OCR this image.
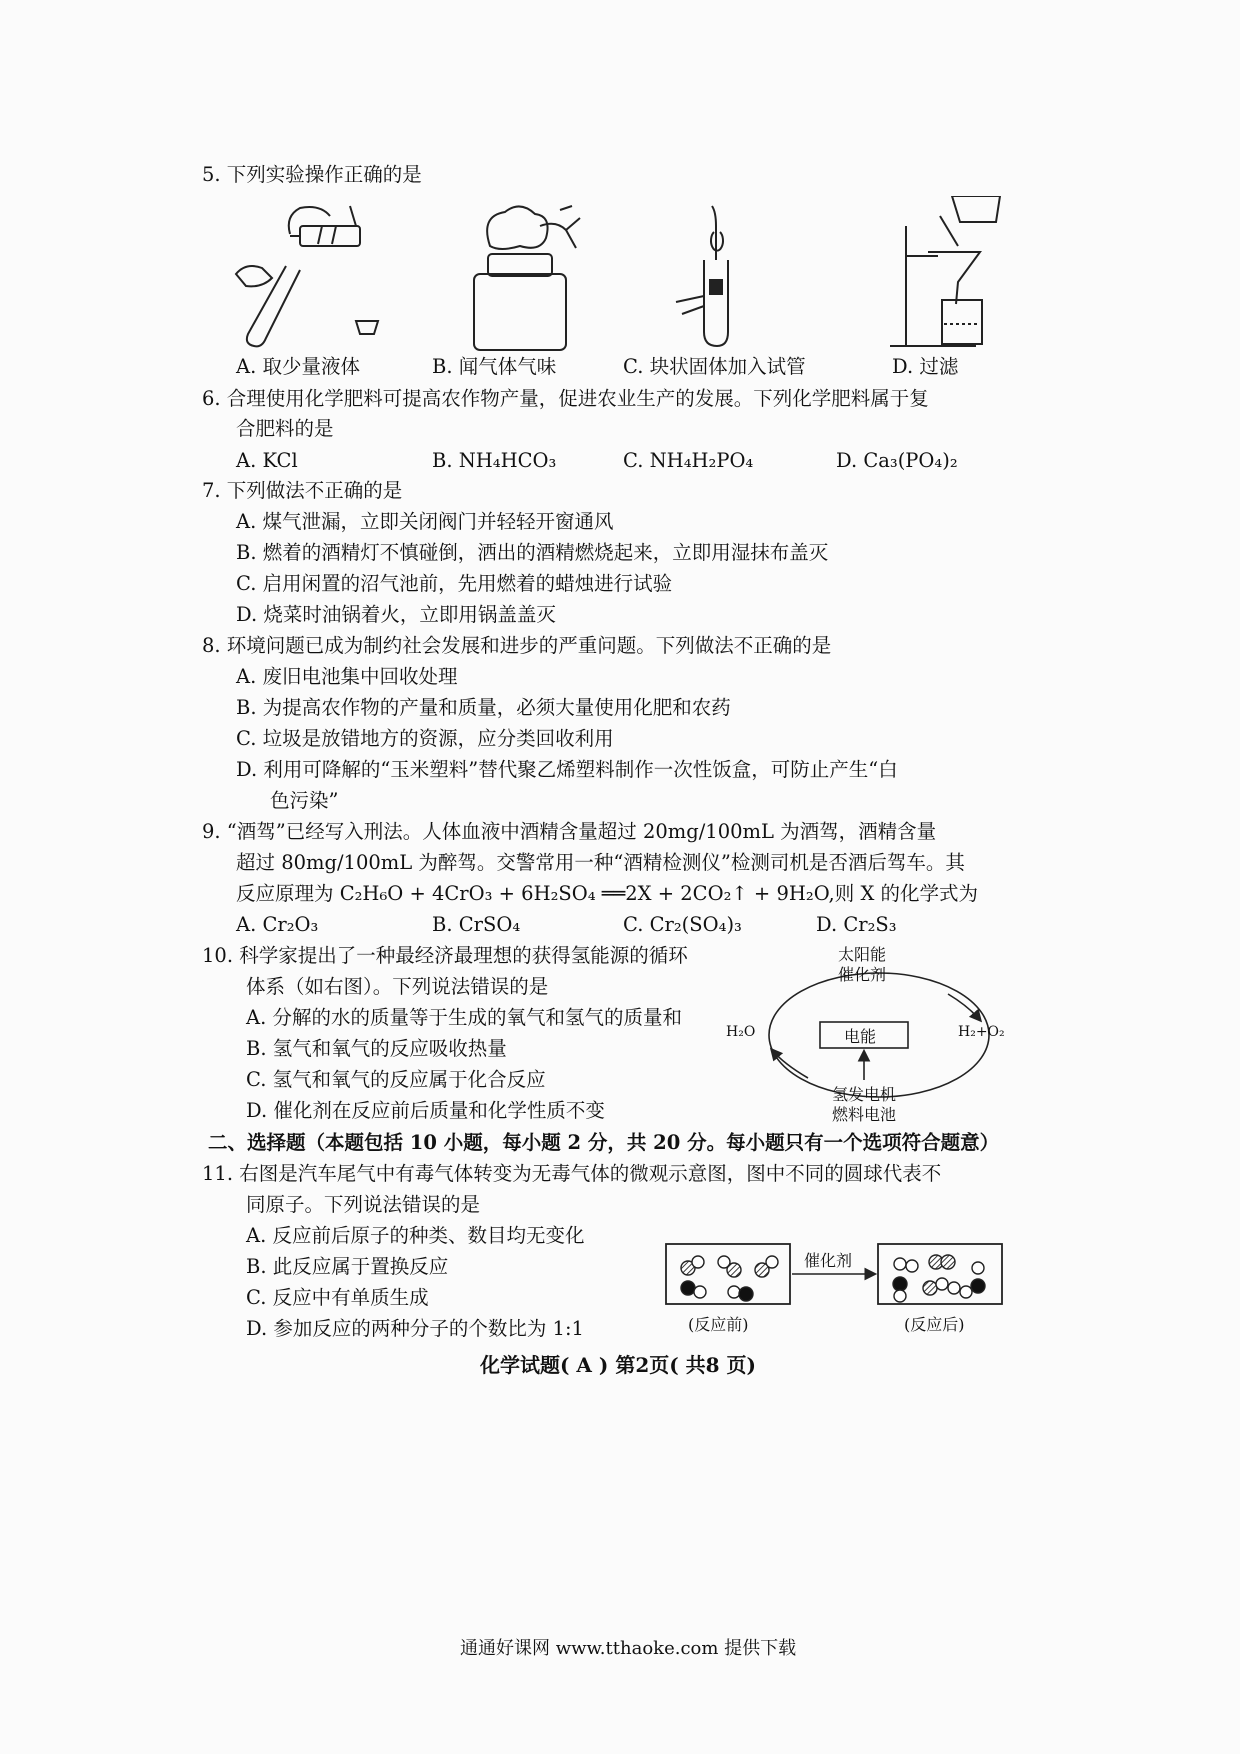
5. 下列实验操作正确的是
A. 取少量液体	B. 闻气体气味	C. 块状固体加入试管	D. 过滤
6. 合理使用化学肥料可提高农作物产量，促进农业生产的发展。下列化学肥料属于复
合肥料的是
A. KCl	B. NH₄HCO₃	C. NH₄H₂PO₄	D. Ca₃(PO₄)₂
7. 下列做法不正确的是
A. 煤气泄漏，立即关闭阀门并轻轻开窗通风
B. 燃着的酒精灯不慎碰倒，洒出的酒精燃烧起来，立即用湿抹布盖灭
C. 启用闲置的沼气池前，先用燃着的蜡烛进行试验
D. 烧菜时油锅着火，立即用锅盖盖灭
8. 环境问题已成为制约社会发展和进步的严重问题。下列做法不正确的是
A. 废旧电池集中回收处理
B. 为提高农作物的产量和质量，必须大量使用化肥和农药
C. 垃圾是放错地方的资源，应分类回收利用
D. 利用可降解的“玉米塑料”替代聚乙烯塑料制作一次性饭盒，可防止产生“白
色污染”
9. “酒驾”已经写入刑法。人体血液中酒精含量超过 20mg/100mL 为酒驾，酒精含量
超过 80mg/100mL 为醉驾。交警常用一种“酒精检测仪”检测司机是否酒后驾车。其
反应原理为 C₂H₆O + 4CrO₃ + 6H₂SO₄ ══2X + 2CO₂↑ + 9H₂O,则 X 的化学式为
A. Cr₂O₃	B. CrSO₄	C. Cr₂(SO₄)₃	D. Cr₂S₃
10. 科学家提出了一种最经济最理想的获得氢能源的循环
体系（如右图）。下列说法错误的是
A. 分解的水的质量等于生成的氧气和氢气的质量和
B. 氢气和氧气的反应吸收热量
C. 氢气和氧气的反应属于化合反应
D. 催化剂在反应前后质量和化学性质不变
太阳能
催化剂
H₂O	H₂+O₂
电能
氢发电机
燃料电池
二、选择题（本题包括 10 小题，每小题 2 分，共 20 分。每小题只有一个选项符合题意）
11. 右图是汽车尾气中有毒气体转变为无毒气体的微观示意图，图中不同的圆球代表不
同原子。下列说法错误的是
A. 反应前后原子的种类、数目均无变化
B. 此反应属于置换反应
C. 反应中有单质生成
D. 参加反应的两种分子的个数比为 1:1
催化剂
(反应前)	(反应后)
化学试题( A ) 第2页( 共8 页)
通通好课网 www.tthaoke.com 提供下载
